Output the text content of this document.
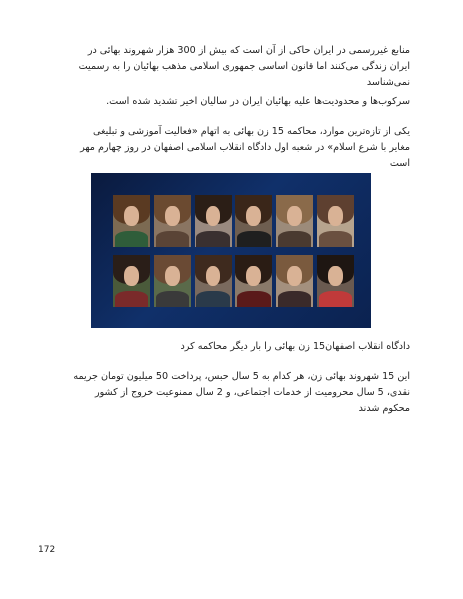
منابع غیررسمی در ایران حاکی از آن است که بیش از 300 هزار شهروند بهائی در ایران زندگی می‌کنند اما قانون اساسی جمهوری اسلامی مذهب بهائیان را به رسمیت نمی‌شناسد

سرکوب‌ها و محدودیت‌ها علیه بهائیان ایران در سالیان اخیر تشدید شده است.

یکی از تازه‌ترین موارد، محاکمه 15 زن بهائی به اتهام «فعالیت آموزشی و تبلیغی مغایر با شرع اسلام» در شعبه اول دادگاه انقلاب اسلامی اصفهان در روز چهارم مهر است

دادگاه انقلاب اصفهان15 زن بهائی را بار دیگر محاکمه کرد

این 15 شهروند بهائی زن، هر کدام به 5 سال حبس، پرداخت 50 میلیون تومان جریمه نقدی، 5 سال محرومیت از خدمات اجتماعی، و 2 سال ممنوعیت خروج از کشور محکوم شدند

172
